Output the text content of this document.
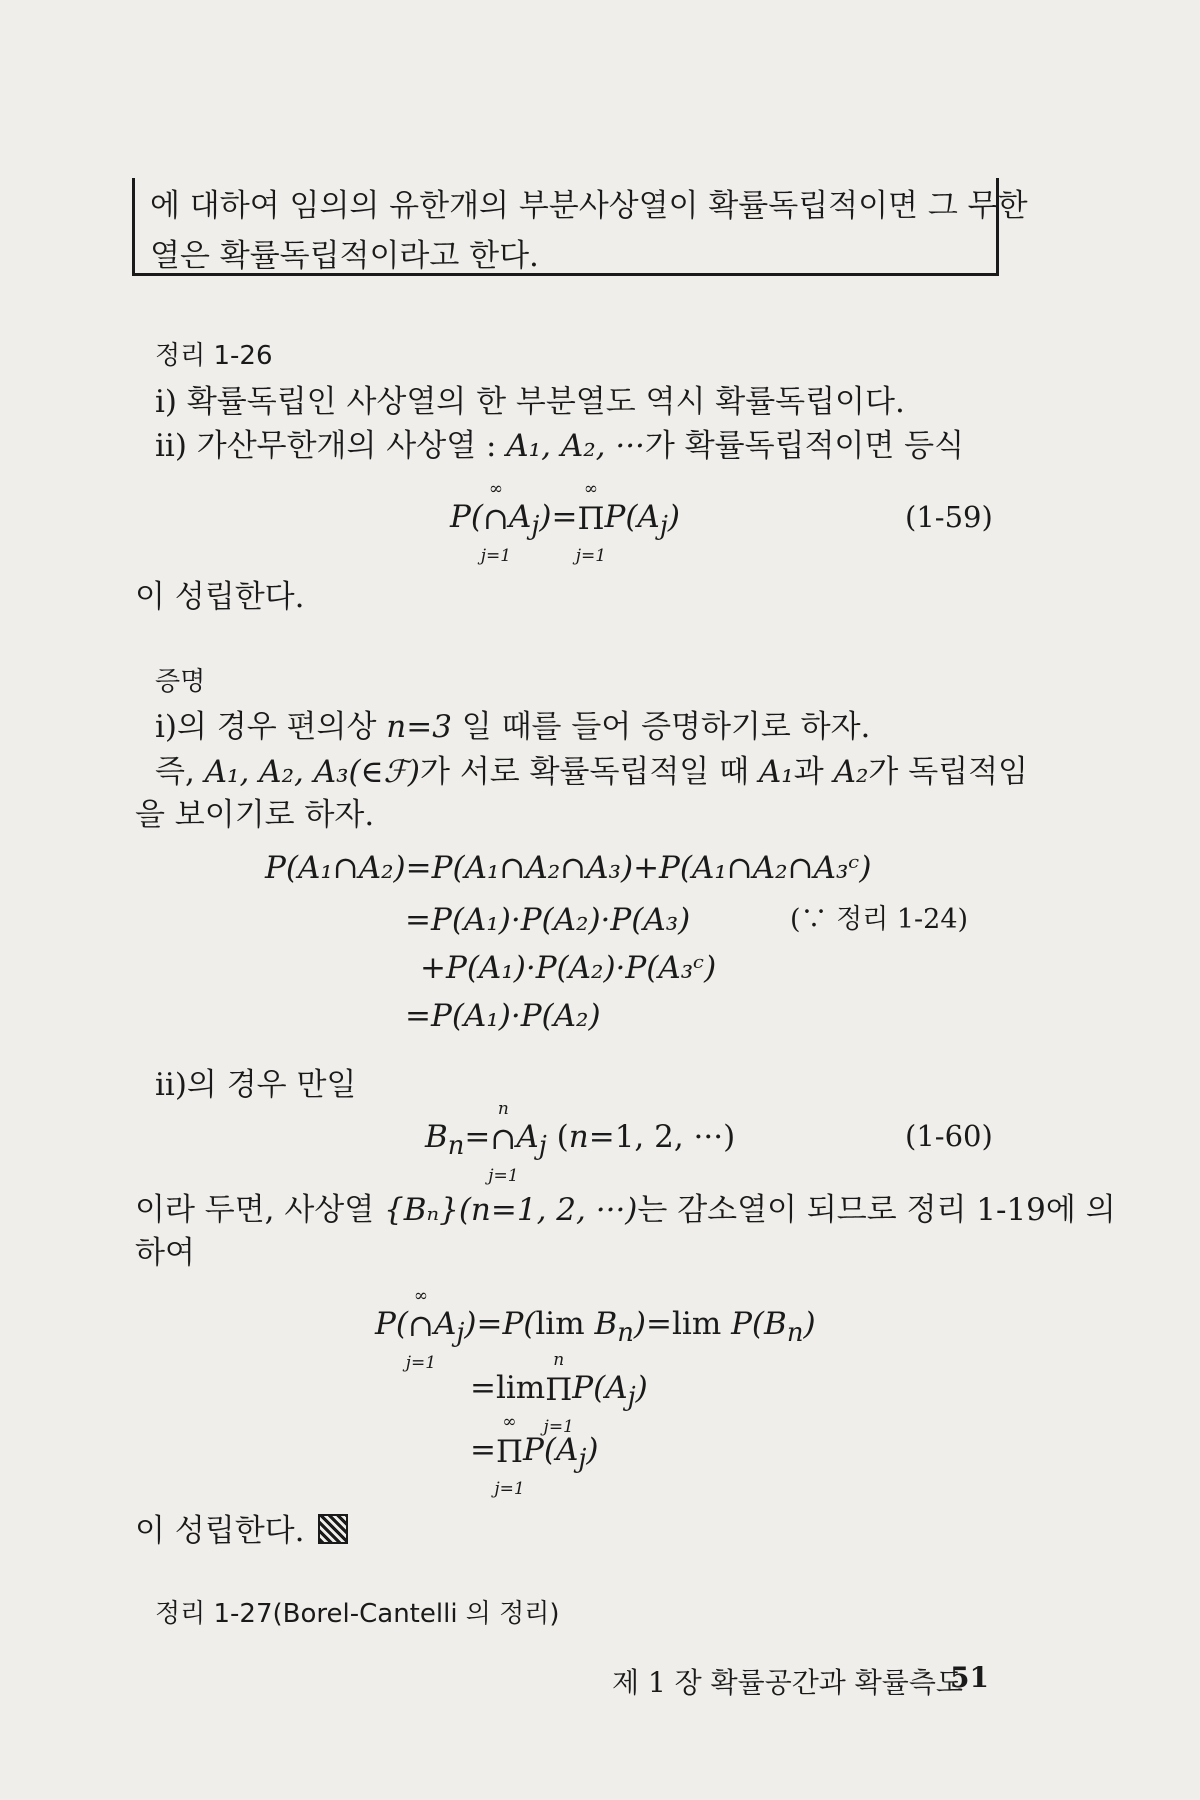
에 대하여 임의의 유한개의 부분사상열이 확률독립적이면 그 무한
열은 확률독립적이라고 한다.
정리 1-26
i) 확률독립인 사상열의 한 부분열도 역시 확률독립이다.
ii) 가산무한개의 사상열 : A₁, A₂, ···가 확률독립적이면 등식
P(
∞
∩
j=1
$A_j)=$
∞
Π
j=1
$P(A_j)$	(1-59)
이 성립한다.
증명
i)의 경우 편의상 n=3 일 때를 들어 증명하기로 하자.
즉, A₁, A₂, A₃(∈ℱ)가 서로 확률독립적일 때 A₁과 A₂가 독립적임
을 보이기로 하자.
P(A₁∩A₂)=P(A₁∩A₂∩A₃)+P(A₁∩A₂∩A₃ᶜ)
=P(A₁)·P(A₂)·P(A₃)	(∵ 정리 1-24)
+P(A₁)·P(A₂)·P(A₃ᶜ)
=P(A₁)·P(A₂)
ii)의 경우 만일
$B_n=$
n
∩
j=1
$A_j$ (n=1, 2, ···)	(1-60)
이라 두면, 사상열 {Bₙ}(n=1, 2, ···)는 감소열이 되므로 정리 1-19에 의
하여
P(
∞
∩
j=1
$A_j)=P(\lim$ $B_n)=\lim$ $P(B_n)$
=lim
n
Π
j=1
$P(A_j)$
=
∞
Π
j=1
$P(A_j)$
이 성립한다.
정리 1-27(Borel-Cantelli 의 정리)
제 1 장 확률공간과 확률측도
51
